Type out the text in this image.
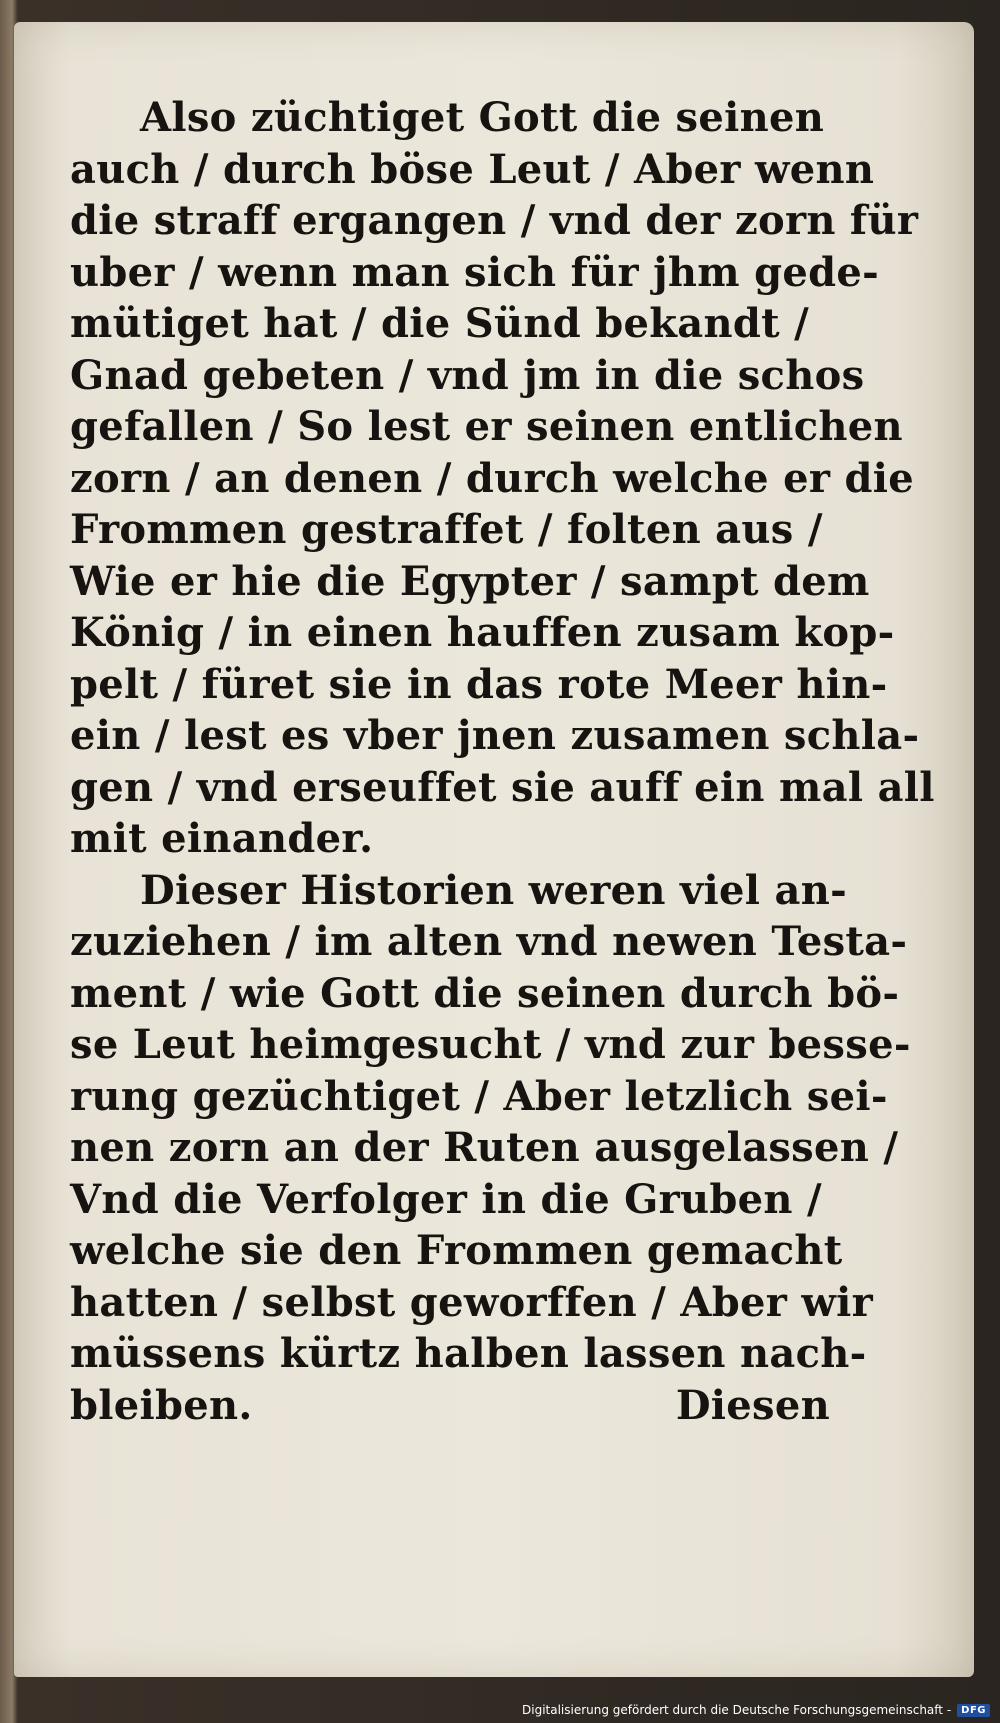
Also züchtiget Gott die seinen
auch / durch böse Leut / Aber wenn
die straff ergangen / vnd der zorn für
uber / wenn man sich für jhm gede-
mütiget hat / die Sünd bekandt /
Gnad gebeten / vnd jm in die schos
gefallen / So lest er seinen entlichen
zorn / an denen / durch welche er die
Frommen gestraffet / folten aus /
Wie er hie die Egypter / sampt dem
König / in einen hauffen zusam kop-
pelt / füret sie in das rote Meer hin-
ein / lest es vber jnen zusamen schla-
gen / vnd erseuffet sie auff ein mal all
mit einander.
Dieser Historien weren viel an-
zuziehen / im alten vnd newen Testa-
ment / wie Gott die seinen durch bö-
se Leut heimgesucht / vnd zur besse-
rung gezüchtiget / Aber letzlich sei-
nen zorn an der Ruten ausgelassen /
Vnd die Verfolger in die Gruben /
welche sie den Frommen gemacht
hatten / selbst geworffen / Aber wir
müssens kürtz halben lassen nach-
bleiben.	Diesen
Digitalisierung gefördert durch die Deutsche Forschungsgemeinschaft -	DFG
